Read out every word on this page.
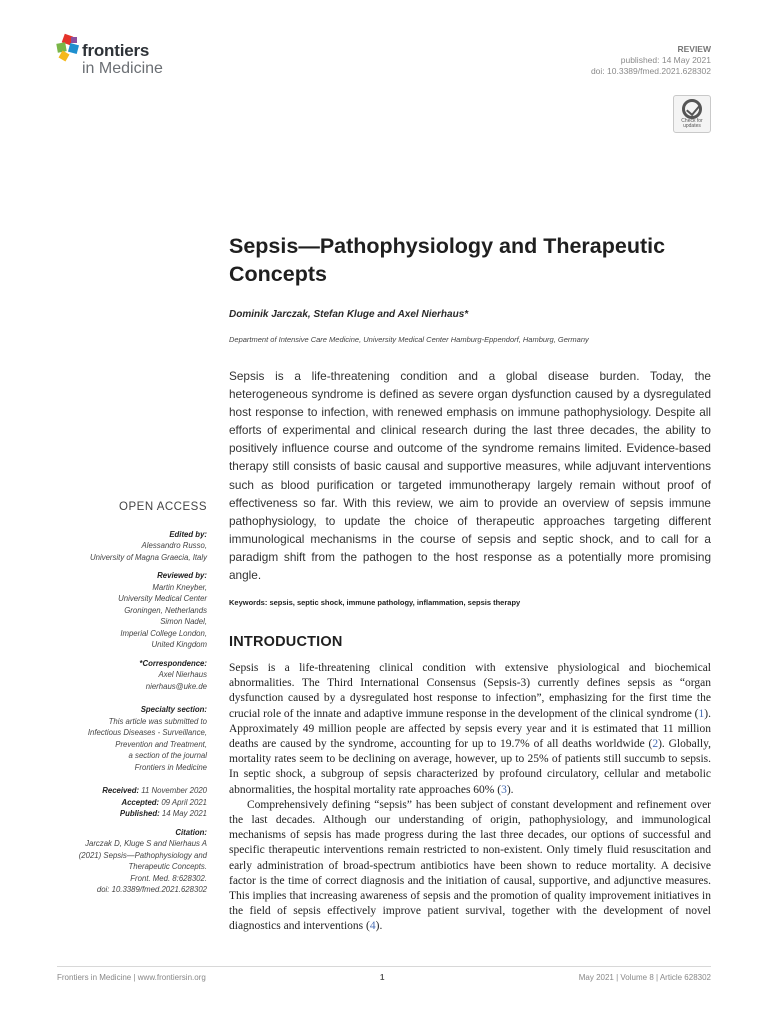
frontiers
in Medicine
REVIEW
published: 14 May 2021
doi: 10.3389/fmed.2021.628302
Check for updates
Sepsis—Pathophysiology and Therapeutic Concepts
Dominik Jarczak, Stefan Kluge and Axel Nierhaus*
Department of Intensive Care Medicine, University Medical Center Hamburg-Eppendorf, Hamburg, Germany
Sepsis is a life-threatening condition and a global disease burden. Today, the heterogeneous syndrome is defined as severe organ dysfunction caused by a dysregulated host response to infection, with renewed emphasis on immune pathophysiology. Despite all efforts of experimental and clinical research during the last three decades, the ability to positively influence course and outcome of the syndrome remains limited. Evidence-based therapy still consists of basic causal and supportive measures, while adjuvant interventions such as blood purification or targeted immunotherapy largely remain without proof of effectiveness so far. With this review, we aim to provide an overview of sepsis immune pathophysiology, to update the choice of therapeutic approaches targeting different immunological mechanisms in the course of sepsis and septic shock, and to call for a paradigm shift from the pathogen to the host response as a potentially more promising angle.
Keywords: sepsis, septic shock, immune pathology, inflammation, sepsis therapy
OPEN ACCESS
Edited by:
Alessandro Russo,
University of Magna Graecia, Italy
Reviewed by:
Martin Kneyber,
University Medical Center
Groningen, Netherlands
Simon Nadel,
Imperial College London,
United Kingdom
*Correspondence:
Axel Nierhaus
nierhaus@uke.de
Specialty section:
This article was submitted to
Infectious Diseases - Surveillance,
Prevention and Treatment,
a section of the journal
Frontiers in Medicine
Received: 11 November 2020
Accepted: 09 April 2021
Published: 14 May 2021
Citation:
Jarczak D, Kluge S and Nierhaus A
(2021) Sepsis—Pathophysiology and
Therapeutic Concepts.
Front. Med. 8:628302.
doi: 10.3389/fmed.2021.628302
INTRODUCTION

Sepsis is a life-threatening clinical condition with extensive physiological and biochemical abnormalities. The Third International Consensus (Sepsis-3) currently defines sepsis as “organ dysfunction caused by a dysregulated host response to infection”, emphasizing for the first time the crucial role of the innate and adaptive immune response in the development of the clinical syndrome (1). Approximately 49 million people are affected by sepsis every year and it is estimated that 11 million deaths are caused by the syndrome, accounting for up to 19.7% of all deaths worldwide (2). Globally, mortality rates seem to be declining on average, however, up to 25% of patients still succumb to sepsis. In septic shock, a subgroup of sepsis characterized by profound circulatory, cellular and metabolic abnormalities, the hospital mortality rate approaches 60% (3).

Comprehensively defining “sepsis” has been subject of constant development and refinement over the last decades. Although our understanding of origin, pathophysiology, and immunological mechanisms of sepsis has made progress during the last three decades, our options of successful and specific therapeutic interventions remain restricted to non-existent. Only timely fluid resuscitation and early administration of broad-spectrum antibiotics have been shown to reduce mortality. A decisive factor is the time of correct diagnosis and the initiation of causal, supportive, and adjunctive measures. This implies that increasing awareness of sepsis and the promotion of quality improvement initiatives in the field of sepsis effectively improve patient survival, together with the development of novel diagnostics and interventions (4).

Frontiers in Medicine | www.frontiersin.org	1	May 2021 | Volume 8 | Article 628302
